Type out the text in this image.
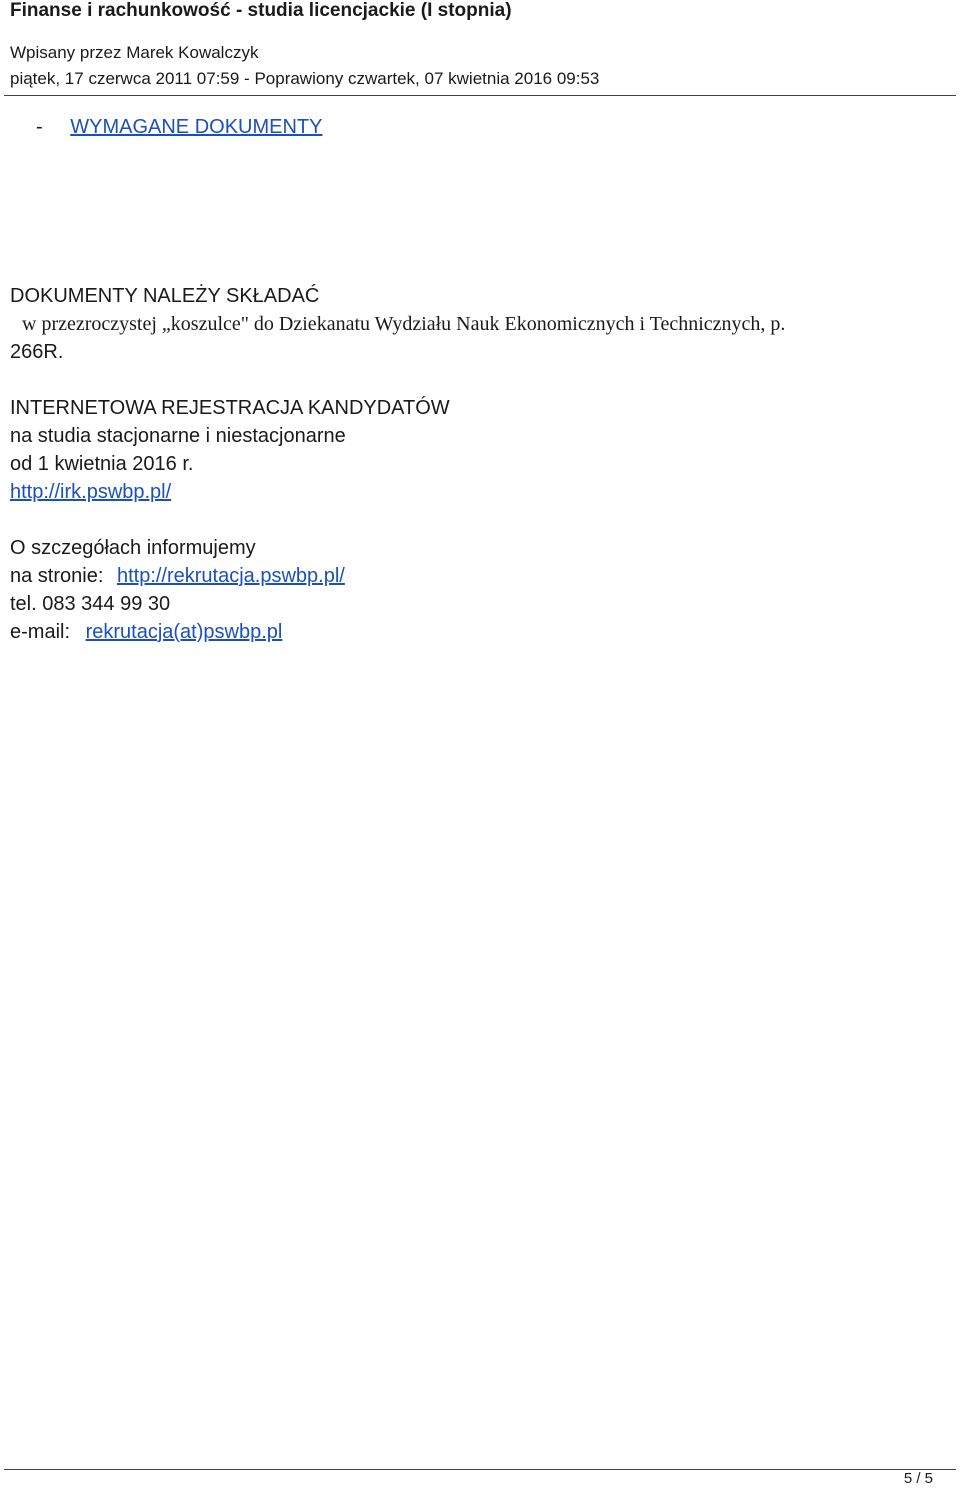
Finanse i rachunkowość - studia licencjackie (I stopnia)
Wpisany przez Marek Kowalczyk
piątek, 17 czerwca 2011 07:59 - Poprawiony czwartek, 07 kwietnia 2016 09:53
- WYMAGANE DOKUMENTY
DOKUMENTY NALEŻY SKŁADAĆ
w przezroczystej „koszulce" do Dziekanatu Wydziału Nauk Ekonomicznych i Technicznych, p.
266R.
INTERNETOWA REJESTRACJA KANDYDATÓW
na studia stacjonarne i niestacjonarne
od 1 kwietnia 2016 r.
http://irk.pswbp.pl/
O szczegółach informujemy
na stronie: http://rekrutacja.pswbp.pl/
tel. 083 344 99 30
e-mail: rekrutacja(at)pswbp.pl
5 / 5
